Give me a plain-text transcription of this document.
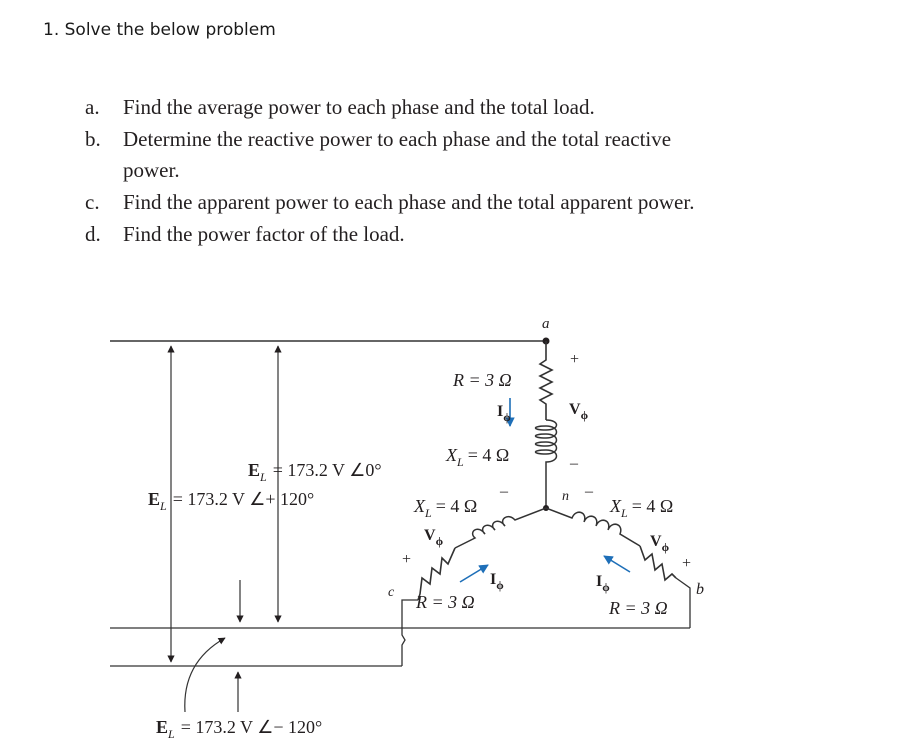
1. Solve the below problem
a. Find the average power to each phase and the total load.
b. Determine the reactive power to each phase and the total reactive
power.
c. Find the apparent power to each phase and the total apparent power.
d. Find the power factor of the load.
a
n
c	b
R = 3 Ω
$I_\phi$
$X_L = 4$ Ω
+
$V_\phi$
–
$X_L = 4$ Ω
–
$V_\phi$
+
$I_\phi$
R = 3 Ω
–
$X_L = 4$ Ω
$V_\phi$
+
$I_\phi$
R = 3 Ω
$E_L = 173.2$ V ∠0°
$E_L = 173.2$ V ∠+ 120°
$E_L = 173.2$ V ∠− 120°
